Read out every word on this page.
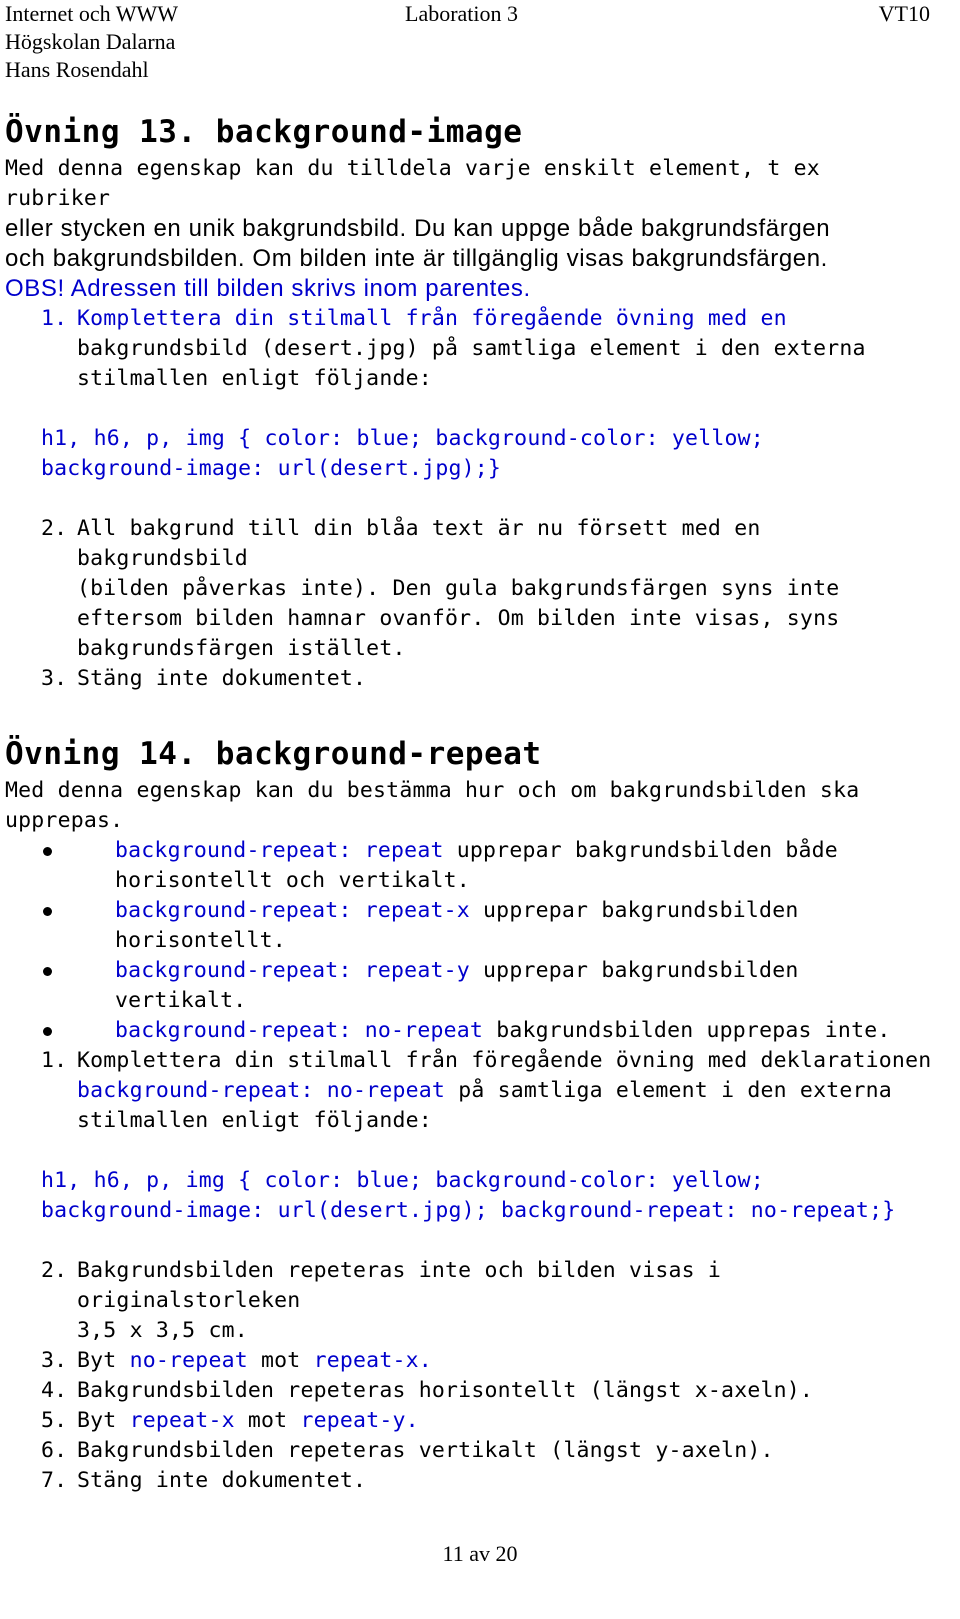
Internet och WWW	Laboration 3	VT10
Högskolan Dalarna
Hans Rosendahl
Övning 13. background-image
Med denna egenskap kan du tilldela varje enskilt element, t ex rubriker
eller stycken en unik bakgrundsbild. Du kan uppge både bakgrundsfärgen
och bakgrundsbilden. Om bilden inte är tillgänglig visas bakgrundsfärgen.
OBS! Adressen till bilden skrivs inom parentes.
1. Komplettera din stilmall från föregående övning med en
bakgrundsbild (desert.jpg) på samtliga element i den externa
stilmallen enligt följande:
h1, h6, p, img { color: blue; background-color: yellow;
background-image: url(desert.jpg);}
2. All bakgrund till din blåa text är nu försett med en bakgrundsbild
(bilden påverkas inte). Den gula bakgrundsfärgen syns inte
eftersom bilden hamnar ovanför. Om bilden inte visas, syns
bakgrundsfärgen istället.
3. Stäng inte dokumentet.
Övning 14. background-repeat
Med denna egenskap kan du bestämma hur och om bakgrundsbilden ska
upprepas.
background-repeat: repeat upprepar bakgrundsbilden både
horisontellt och vertikalt.
background-repeat: repeat-x upprepar bakgrundsbilden
horisontellt.
background-repeat: repeat-y upprepar bakgrundsbilden vertikalt.
background-repeat: no-repeat bakgrundsbilden upprepas inte.
1. Komplettera din stilmall från föregående övning med deklarationen
background-repeat: no-repeat på samtliga element i den externa
stilmallen enligt följande:
h1, h6, p, img { color: blue; background-color: yellow;
background-image: url(desert.jpg); background-repeat: no-repeat;}
2. Bakgrundsbilden repeteras inte och bilden visas i originalstorleken
3,5 x 3,5 cm.
3. Byt no-repeat mot repeat-x.
4. Bakgrundsbilden repeteras horisontellt (längst x-axeln).
5. Byt repeat-x mot repeat-y.
6. Bakgrundsbilden repeteras vertikalt (längst y-axeln).
7. Stäng inte dokumentet.
11 av 20
